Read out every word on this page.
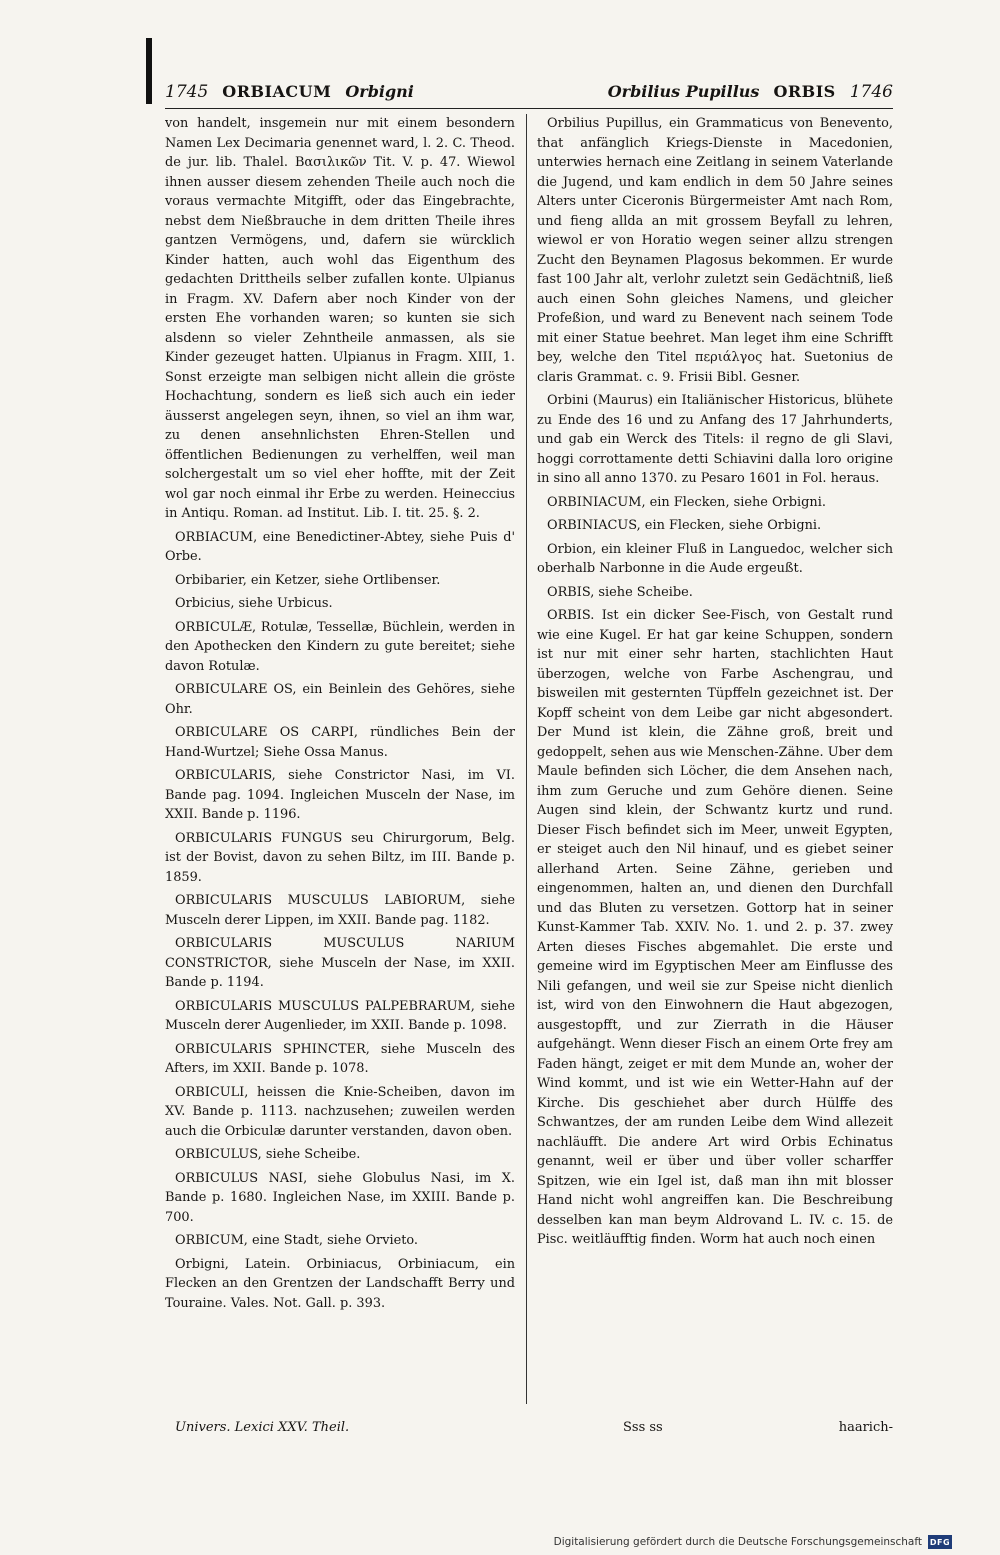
1745 ORBIACUM Orbigni	Orbilius Pupillus ORBIS 1746

von handelt, insgemein nur mit einem besondern Namen Lex Decimaria genennet ward, l. 2. C. Theod. de jur. lib. Thalel. Βασιλικῶν Tit. V. p. 47. Wiewol ihnen ausser diesem zehenden Theile auch noch die voraus vermachte Mitgifft, oder das Eingebrachte, nebst dem Nießbrauche in dem dritten Theile ihres gantzen Vermögens, und, dafern sie würcklich Kinder hatten, auch wohl das Eigenthum des gedachten Drittheils selber zufallen konte. Ulpianus in Fragm. XV. Dafern aber noch Kinder von der ersten Ehe vorhanden waren; so kunten sie sich alsdenn so vieler Zehntheile anmassen, als sie Kinder gezeuget hatten. Ulpianus in Fragm. XIII, 1. Sonst erzeigte man selbigen nicht allein die gröste Hochachtung, sondern es ließ sich auch ein ieder äusserst angelegen seyn, ihnen, so viel an ihm war, zu denen ansehnlichsten Ehren-Stellen und öffentlichen Bedienungen zu verhelffen, weil man solchergestalt um so viel eher hoffte, mit der Zeit wol gar noch einmal ihr Erbe zu werden. Heineccius in Antiqu. Roman. ad Institut. Lib. I. tit. 25. §. 2.

ORBIACUM, eine Benedictiner-Abtey, siehe Puis d' Orbe.

Orbibarier, ein Ketzer, siehe Ortlibenser.

Orbicius, siehe Urbicus.

ORBICULÆ, Rotulæ, Tessellæ, Büchlein, werden in den Apothecken den Kindern zu gute bereitet; siehe davon Rotulæ.

ORBICULARE OS, ein Beinlein des Gehöres, siehe Ohr.

ORBICULARE OS CARPI, ründliches Bein der Hand-Wurtzel; Siehe Ossa Manus.

ORBICULARIS, siehe Constrictor Nasi, im VI. Bande pag. 1094. Ingleichen Musceln der Nase, im XXII. Bande p. 1196.

ORBICULARIS FUNGUS seu Chirurgorum, Belg. ist der Bovist, davon zu sehen Biltz, im III. Bande p. 1859.

ORBICULARIS MUSCULUS LABIORUM, siehe Musceln derer Lippen, im XXII. Bande pag. 1182.

ORBICULARIS MUSCULUS NARIUM CONSTRICTOR, siehe Musceln der Nase, im XXII. Bande p. 1194.

ORBICULARIS MUSCULUS PALPEBRARUM, siehe Musceln derer Augenlieder, im XXII. Bande p. 1098.

ORBICULARIS SPHINCTER, siehe Musceln des Afters, im XXII. Bande p. 1078.

ORBICULI, heissen die Knie-Scheiben, davon im XV. Bande p. 1113. nachzusehen; zuweilen werden auch die Orbiculæ darunter verstanden, davon oben.

ORBICULUS, siehe Scheibe.

ORBICULUS NASI, siehe Globulus Nasi, im X. Bande p. 1680. Ingleichen Nase, im XXIII. Bande p. 700.

ORBICUM, eine Stadt, siehe Orvieto.

Orbigni, Latein. Orbiniacus, Orbiniacum, ein Flecken an den Grentzen der Landschafft Berry und Touraine. Vales. Not. Gall. p. 393.

Orbilius Pupillus, ein Grammaticus von Benevento, that anfänglich Kriegs-Dienste in Macedonien, unterwies hernach eine Zeitlang in seinem Vaterlande die Jugend, und kam endlich in dem 50 Jahre seines Alters unter Ciceronis Bürgermeister Amt nach Rom, und fieng allda an mit grossem Beyfall zu lehren, wiewol er von Horatio wegen seiner allzu strengen Zucht den Beynamen Plagosus bekommen. Er wurde fast 100 Jahr alt, verlohr zuletzt sein Gedächtniß, ließ auch einen Sohn gleiches Namens, und gleicher Profeßion, und ward zu Benevent nach seinem Tode mit einer Statue beehret. Man leget ihm eine Schrifft bey, welche den Titel περιάλγος hat. Suetonius de claris Grammat. c. 9. Frisii Bibl. Gesner.

Orbini (Maurus) ein Italiänischer Historicus, blühete zu Ende des 16 und zu Anfang des 17 Jahrhunderts, und gab ein Werck des Titels: il regno de gli Slavi, hoggi corrottamente detti Schiavini dalla loro origine in sino all anno 1370. zu Pesaro 1601 in Fol. heraus.

ORBINIACUM, ein Flecken, siehe Orbigni.

ORBINIACUS, ein Flecken, siehe Orbigni.

Orbion, ein kleiner Fluß in Languedoc, welcher sich oberhalb Narbonne in die Aude ergeußt.

ORBIS, siehe Scheibe.

ORBIS. Ist ein dicker See-Fisch, von Gestalt rund wie eine Kugel. Er hat gar keine Schuppen, sondern ist nur mit einer sehr harten, stachlichten Haut überzogen, welche von Farbe Aschengrau, und bisweilen mit gesternten Tüpffeln gezeichnet ist. Der Kopff scheint von dem Leibe gar nicht abgesondert. Der Mund ist klein, die Zähne groß, breit und gedoppelt, sehen aus wie Menschen-Zähne. Uber dem Maule befinden sich Löcher, die dem Ansehen nach, ihm zum Geruche und zum Gehöre dienen. Seine Augen sind klein, der Schwantz kurtz und rund. Dieser Fisch befindet sich im Meer, unweit Egypten, er steiget auch den Nil hinauf, und es giebet seiner allerhand Arten. Seine Zähne, gerieben und eingenommen, halten an, und dienen den Durchfall und das Bluten zu versetzen. Gottorp hat in seiner Kunst-Kammer Tab. XXIV. No. 1. und 2. p. 37. zwey Arten dieses Fisches abgemahlet. Die erste und gemeine wird im Egyptischen Meer am Einflusse des Nili gefangen, und weil sie zur Speise nicht dienlich ist, wird von den Einwohnern die Haut abgezogen, ausgestopfft, und zur Zierrath in die Häuser aufgehängt. Wenn dieser Fisch an einem Orte frey am Faden hängt, zeiget er mit dem Munde an, woher der Wind kommt, und ist wie ein Wetter-Hahn auf der Kirche. Dis geschiehet aber durch Hülffe des Schwantzes, der am runden Leibe dem Wind allezeit nachläufft. Die andere Art wird Orbis Echinatus genannt, weil er über und über voller scharffer Spitzen, wie ein Igel ist, daß man ihn mit blosser Hand nicht wohl angreiffen kan. Die Beschreibung desselben kan man beym Aldrovand L. IV. c. 15. de Pisc. weitläufftig finden. Worm hat auch noch einen

Univers. Lexici XXV. Theil.	Sss ss	haarich-
Digitalisierung gefördert durch die Deutsche Forschungsgemeinschaft DFG
